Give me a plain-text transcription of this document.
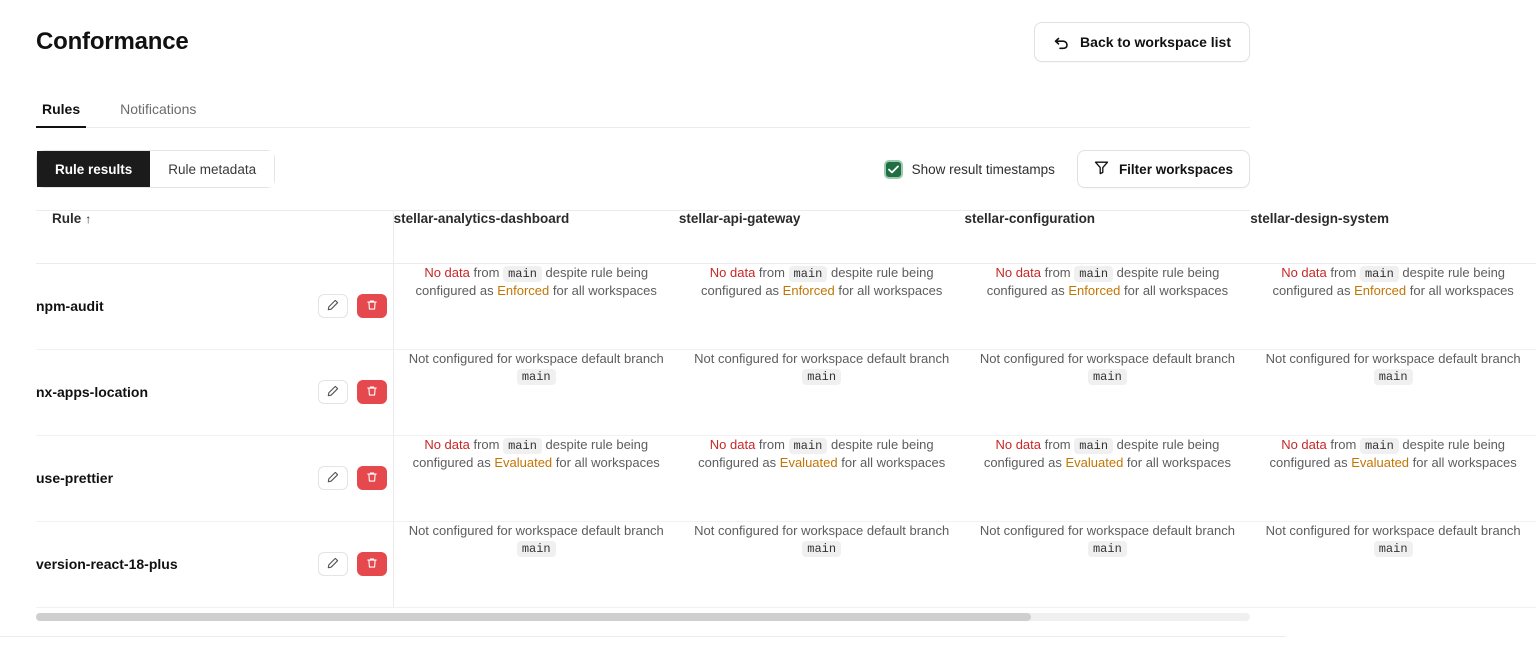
Conformance	Back to workspace list
Rules	Notifications
Rule results	Rule metadata	Show result timestamps	Filter workspaces
Rule ↑	stellar-analytics-dashboard	stellar-api-gateway	stellar-configuration	stellar-design-system

npm-audit	No data from main despite rule being configured as Enforced for all workspaces	No data from main despite rule being configured as Enforced for all workspaces	No data from main despite rule being configured as Enforced for all workspaces	No data from main despite rule being configured as Enforced for all workspaces

nx-apps-location	Not configured for workspace default branch main	Not configured for workspace default branch main	Not configured for workspace default branch main	Not configured for workspace default branch main

use-prettier	No data from main despite rule being configured as Evaluated for all workspaces	No data from main despite rule being configured as Evaluated for all workspaces	No data from main despite rule being configured as Evaluated for all workspaces	No data from main despite rule being configured as Evaluated for all workspaces

version-react-18-plus	Not configured for workspace default branch main	Not configured for workspace default branch main	Not configured for workspace default branch main	Not configured for workspace default branch main
